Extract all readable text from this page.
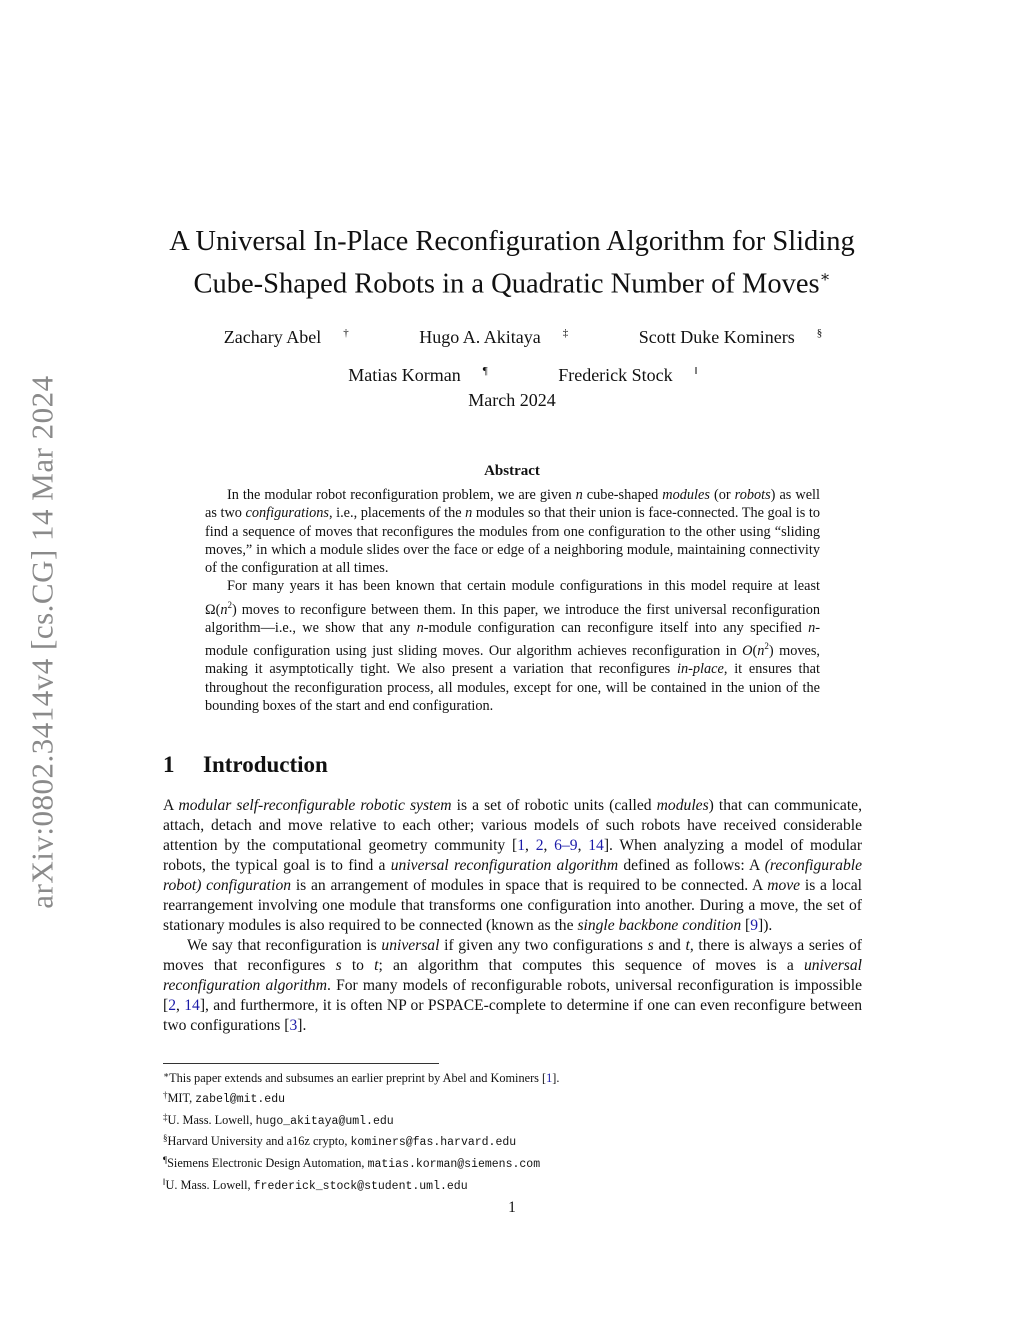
arXiv:0802.3414v4 [cs.CG] 14 Mar 2024
A Universal In-Place Reconfiguration Algorithm for Sliding
Cube-Shaped Robots in a Quadratic Number of Moves∗
Zachary Abel †	Hugo A. Akitaya ‡	Scott Duke Kominers §
Matias Korman ¶	Frederick Stock ‖
March 2024
Abstract

In the modular robot reconfiguration problem, we are given n cube-shaped modules (or robots) as well as two configurations, i.e., placements of the n modules so that their union is face-connected. The goal is to find a sequence of moves that reconfigures the modules from one configuration to the other using “sliding moves,” in which a module slides over the face or edge of a neighboring module, maintaining connectivity of the configuration at all times.

For many years it has been known that certain module configurations in this model require at least $\Omega(n^2)$ moves to reconfigure between them. In this paper, we introduce the first universal reconfiguration algorithm—i.e., we show that any n-module configuration can reconfigure itself into any specified n-module configuration using just sliding moves. Our algorithm achieves reconfiguration in $O(n^2)$ moves, making it asymptotically tight. We also present a variation that reconfigures in-place, it ensures that throughout the reconfiguration process, all modules, except for one, will be contained in the union of the bounding boxes of the start and end configuration.

1 Introduction

A modular self-reconfigurable robotic system is a set of robotic units (called modules) that can communicate, attach, detach and move relative to each other; various models of such robots have received considerable attention by the computational geometry community [1, 2, 6–9, 14]. When analyzing a model of modular robots, the typical goal is to find a universal reconfiguration algorithm defined as follows: A (reconfigurable robot) configuration is an arrangement of modules in space that is required to be connected. A move is a local rearrangement involving one module that transforms one configuration into another. During a move, the set of stationary modules is also required to be connected (known as the single backbone condition [9]).

We say that reconfiguration is universal if given any two configurations s and t, there is always a series of moves that reconfigures s to t; an algorithm that computes this sequence of moves is a universal reconfiguration algorithm. For many models of reconfigurable robots, universal reconfiguration is impossible [2, 14], and furthermore, it is often NP or PSPACE-complete to determine if one can even reconfigure between two configurations [3].

∗This paper extends and subsumes an earlier preprint by Abel and Kominers [1].
†MIT, zabel@mit.edu
‡U. Mass. Lowell, hugo_akitaya@uml.edu
§Harvard University and a16z crypto, kominers@fas.harvard.edu
¶Siemens Electronic Design Automation, matias.korman@siemens.com
‖U. Mass. Lowell, frederick_stock@student.uml.edu
1
